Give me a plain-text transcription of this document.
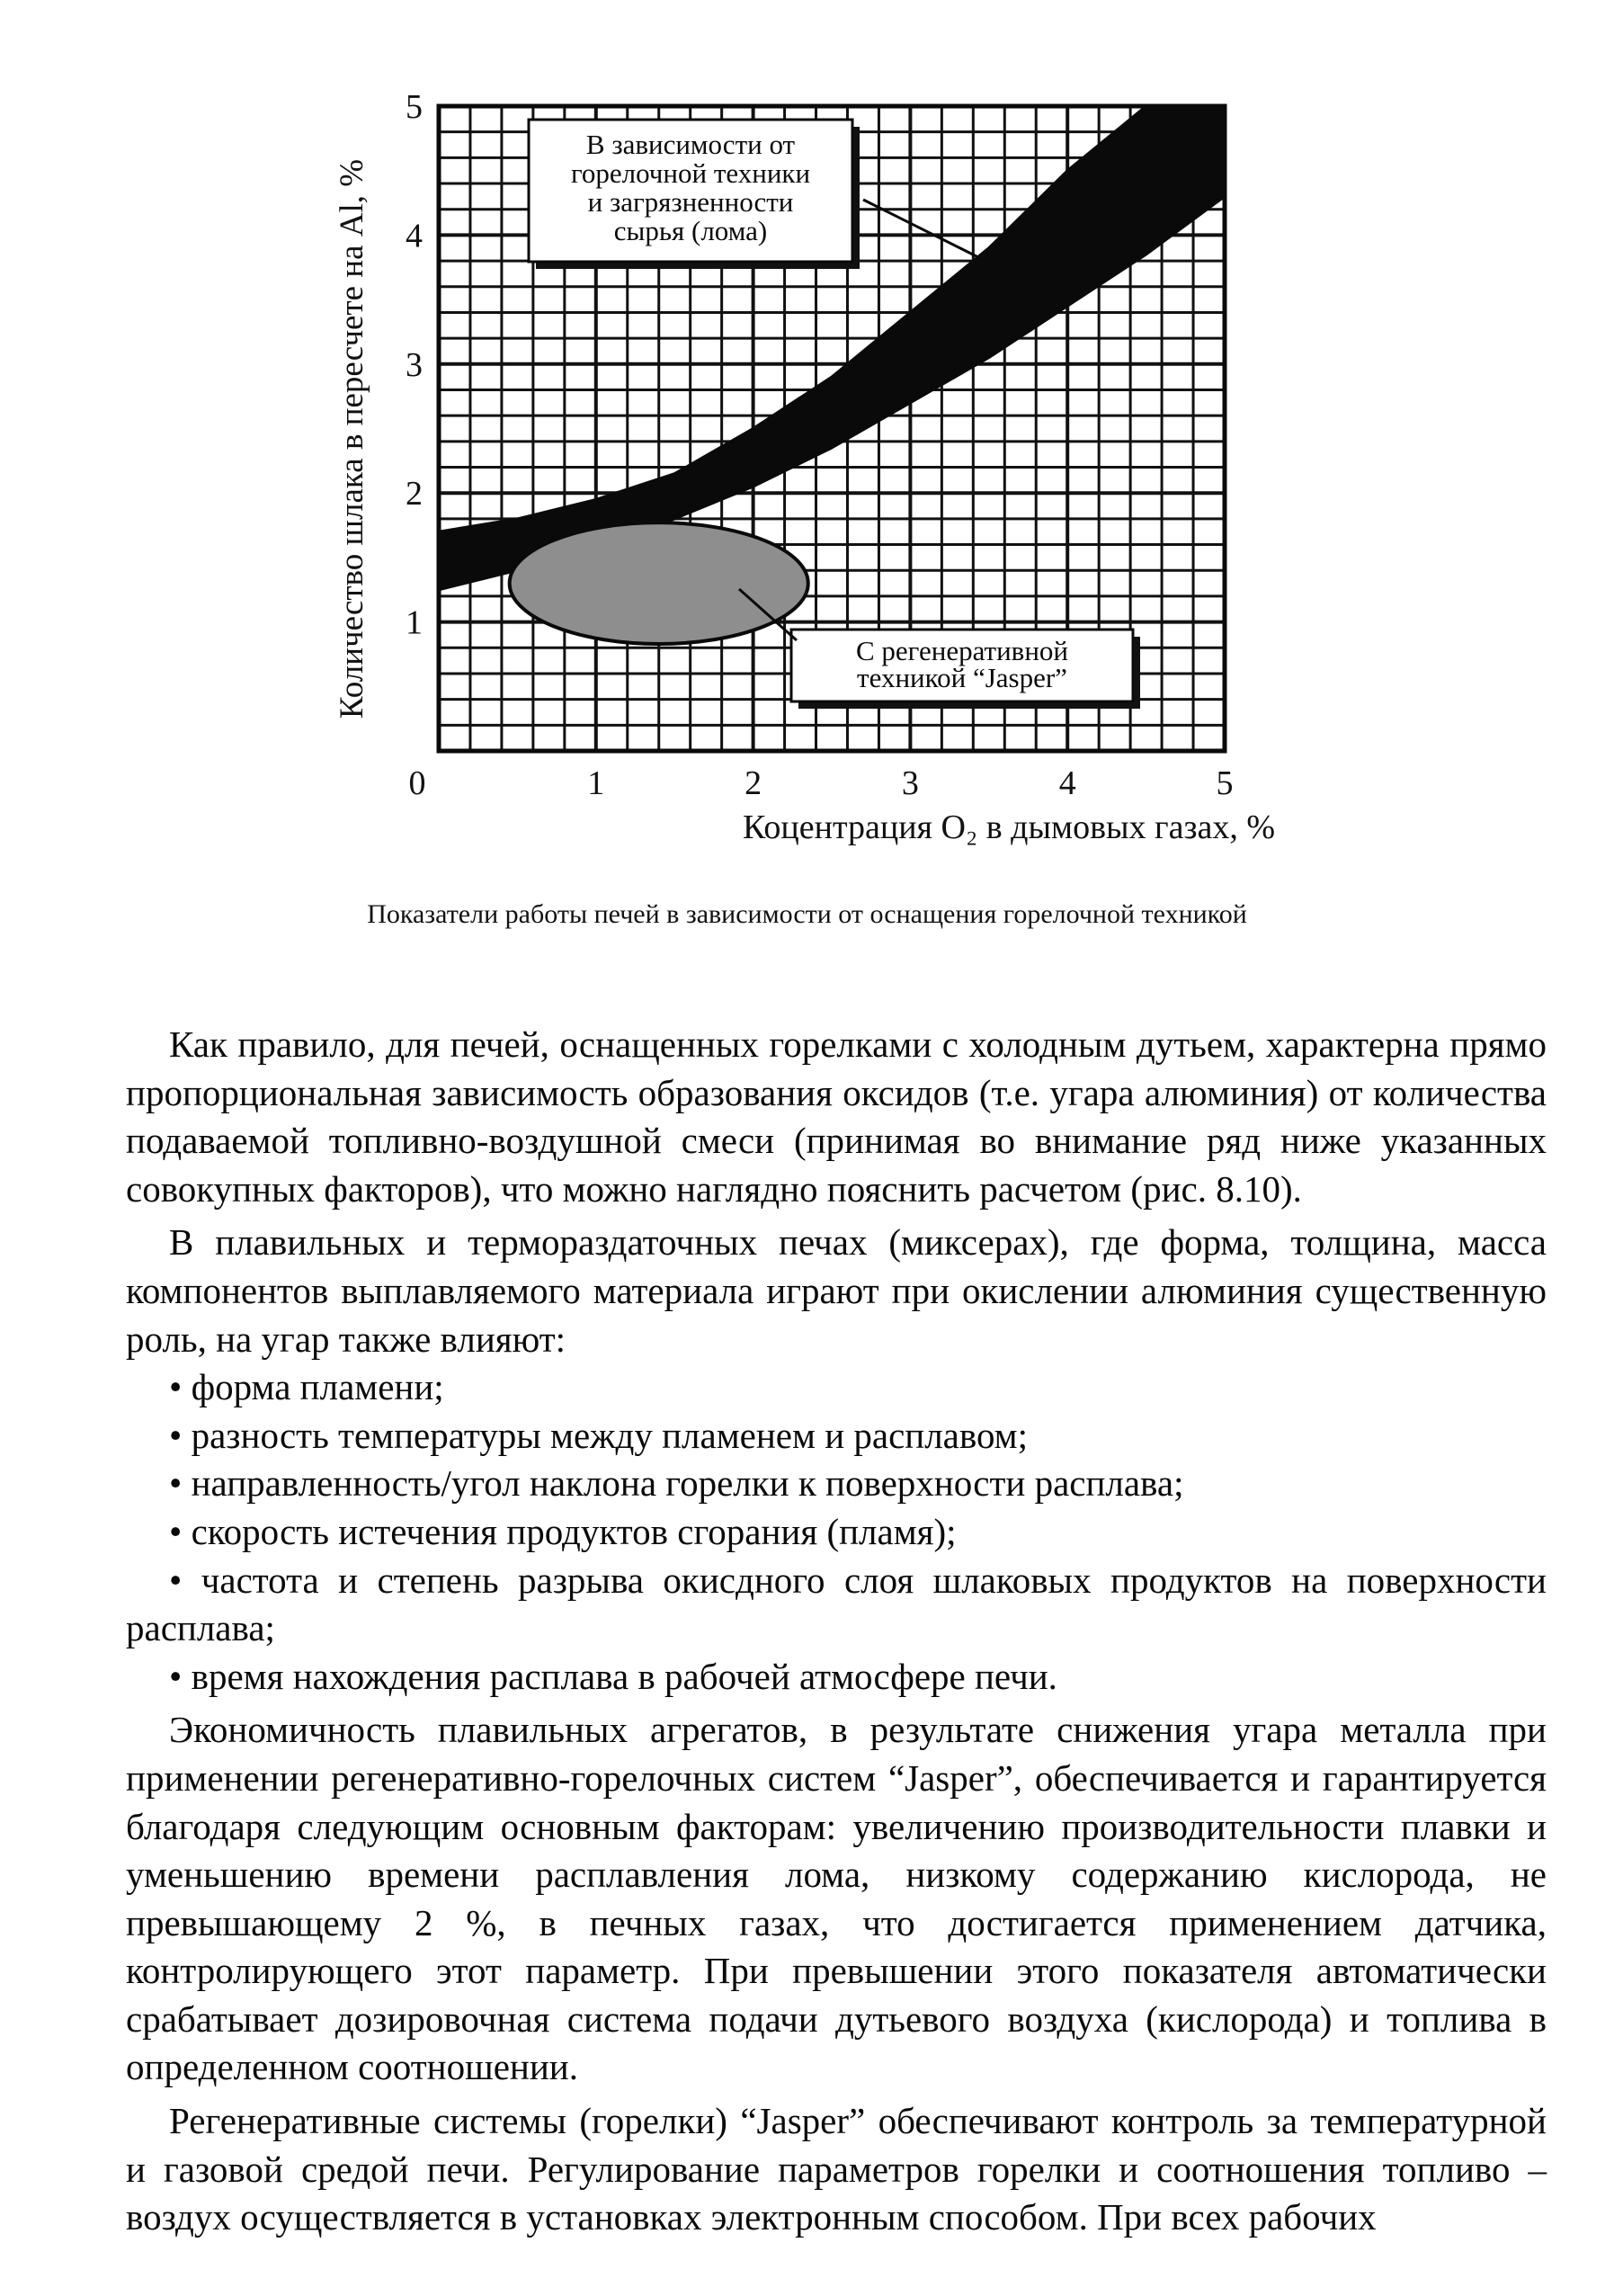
В зависимости от
горелочной техники
и загрязненности
сырья (лома)
С регенеративной
техникой “Jasper”
0	1	2	3	4	5
1
2
3
4
5
Коцентрация O₂ в дымовых газах, %
Количество шлака в пересчете на Al, %
Показатели работы печей в зависимости от оснащения горелочной техникой

Как правило, для печей, оснащенных горелками с холодным дутьем, характерна прямо пропорциональная зависимость образования оксидов (т.е. угара алюминия) от количества подаваемой топливно-воздушной смеси (принимая во внимание ряд ниже указанных совокупных факторов), что можно наглядно пояснить расчетом (рис. 8.10).

В плавильных и термораздаточных печах (миксерах), где форма, толщина, масса компонентов выплавляемого материала играют при окислении алюминия существенную роль, на угар также влияют:

• форма пламени;
• разность температуры между пламенем и расплавом;
• направленность/угол наклона горелки к поверхности расплава;
• скорость истечения продуктов сгорания (пламя);
• частота и степень разрыва окисдного слоя шлаковых продуктов на поверхности расплава;
• время нахождения расплава в рабочей атмосфере печи.

Экономичность плавильных агрегатов, в результате снижения угара металла при применении регенеративно-горелочных систем “Jasper”, обеспечивается и гарантируется благодаря следующим основным факторам: увеличению производительности плавки и уменьшению времени расплавления лома, низкому содержанию кислорода, не превышающему 2 %, в печных газах, что достигается применением датчика, контролирующего этот параметр. При превышении этого показателя автоматически срабатывает дозировочная система подачи дутьевого воздуха (кислорода) и топлива в определенном соотношении.

Регенеративные системы (горелки) “Jasper” обеспечивают контроль за температурной и газовой средой печи. Регулирование параметров горелки и соотношения топливо – воздух осуществляется в установках электронным способом. При всех рабочих
